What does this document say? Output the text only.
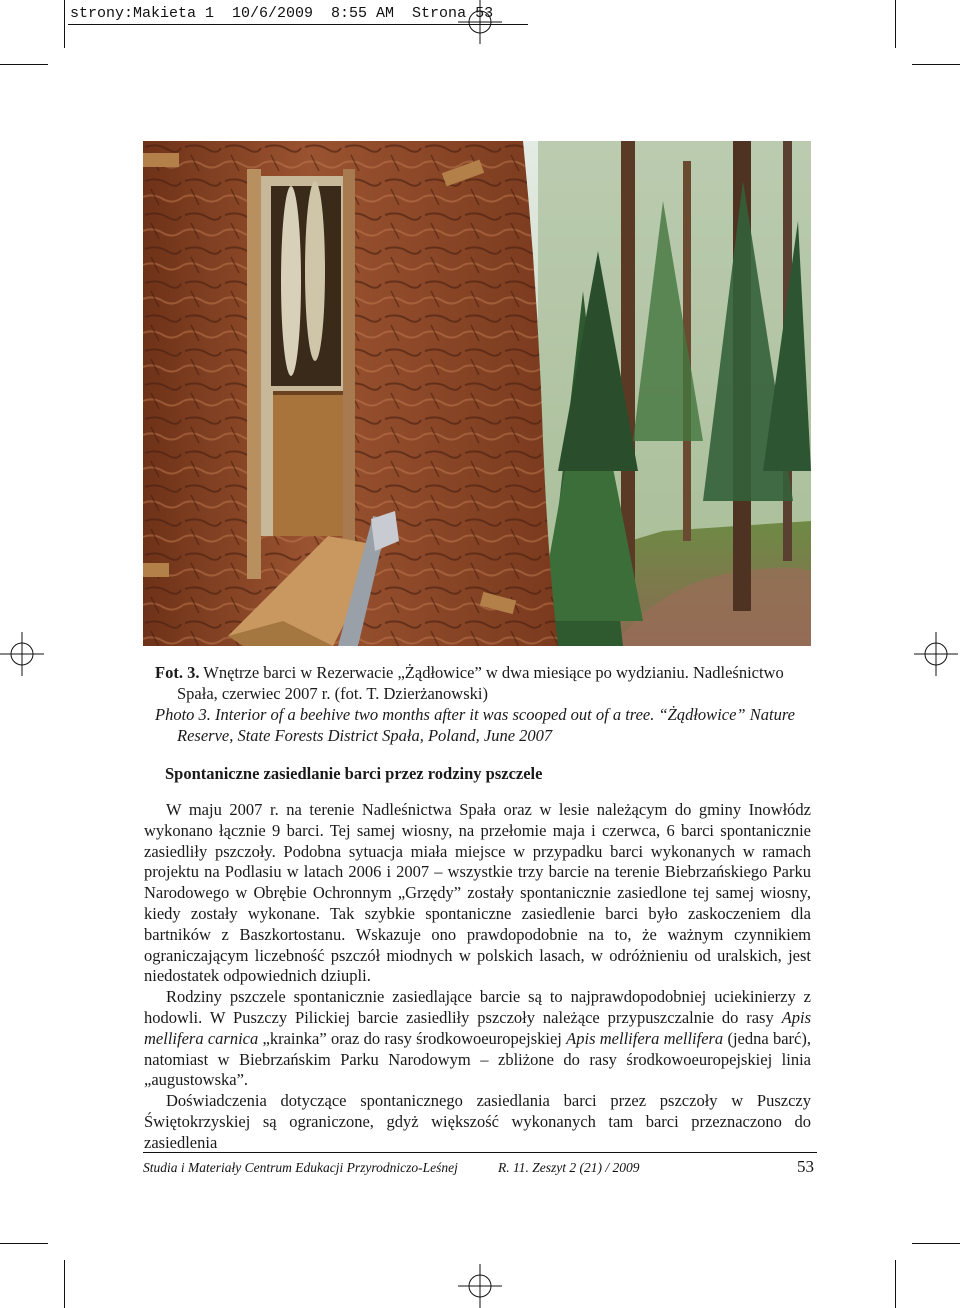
strony:Makieta 1  10/6/2009  8:55 AM  Strona 53
Fot. 3. Wnętrze barci w Rezerwacie „Żądłowice” w dwa miesiące po wydzianiu. Nadleśnictwo
Spała, czerwiec 2007 r. (fot. T. Dzierżanowski)
Photo 3. Interior of a beehive two months after it was scooped out of a tree. “Żądłowice” Nature
Reserve, State Forests District Spała, Poland, June 2007
Spontaniczne zasiedlanie barci przez rodziny pszczele

W maju 2007 r. na terenie Nadleśnictwa Spała oraz w lesie należącym do gminy Inowłódz wykonano łącznie 9 barci. Tej samej wiosny, na przełomie maja i czerwca, 6 barci spontanicznie zasiedliły pszczoły. Podobna sytuacja miała miejsce w przypadku barci wykonanych w ramach projektu na Podlasiu w latach 2006 i 2007 – wszystkie trzy barcie na terenie Biebrzańskiego Parku Narodowego w Obrębie Ochronnym „Grzędy” zostały spontanicznie zasiedlone tej samej wiosny, kiedy zostały wykonane. Tak szybkie spontaniczne zasiedlenie barci było zaskoczeniem dla bartników z Baszkortostanu. Wskazuje ono prawdopodobnie na to, że ważnym czynnikiem ograniczającym liczebność pszczół miodnych w polskich lasach, w odróżnieniu od uralskich, jest niedostatek odpowiednich dziupli.

Rodziny pszczele spontanicznie zasiedlające barcie są to najprawdopodobniej uciekinierzy z hodowli. W Puszczy Pilickiej barcie zasiedliły pszczoły należące przypuszczalnie do rasy Apis mellifera carnica „krainka” oraz do rasy środkowoeuropejskiej Apis mellifera mellifera (jedna barć), natomiast w Biebrzańskim Parku Narodowym – zbliżone do rasy środkowoeuropejskiej linia „augustowska”.

Doświadczenia dotyczące spontanicznego zasiedlania barci przez pszczoły w Puszczy Świętokrzyskiej są ograniczone, gdyż większość wykonanych tam barci przeznaczono do zasiedlenia

Studia i Materiały Centrum Edukacji Przyrodniczo-Leśnej	R. 11. Zeszyt 2 (21) / 2009	53
